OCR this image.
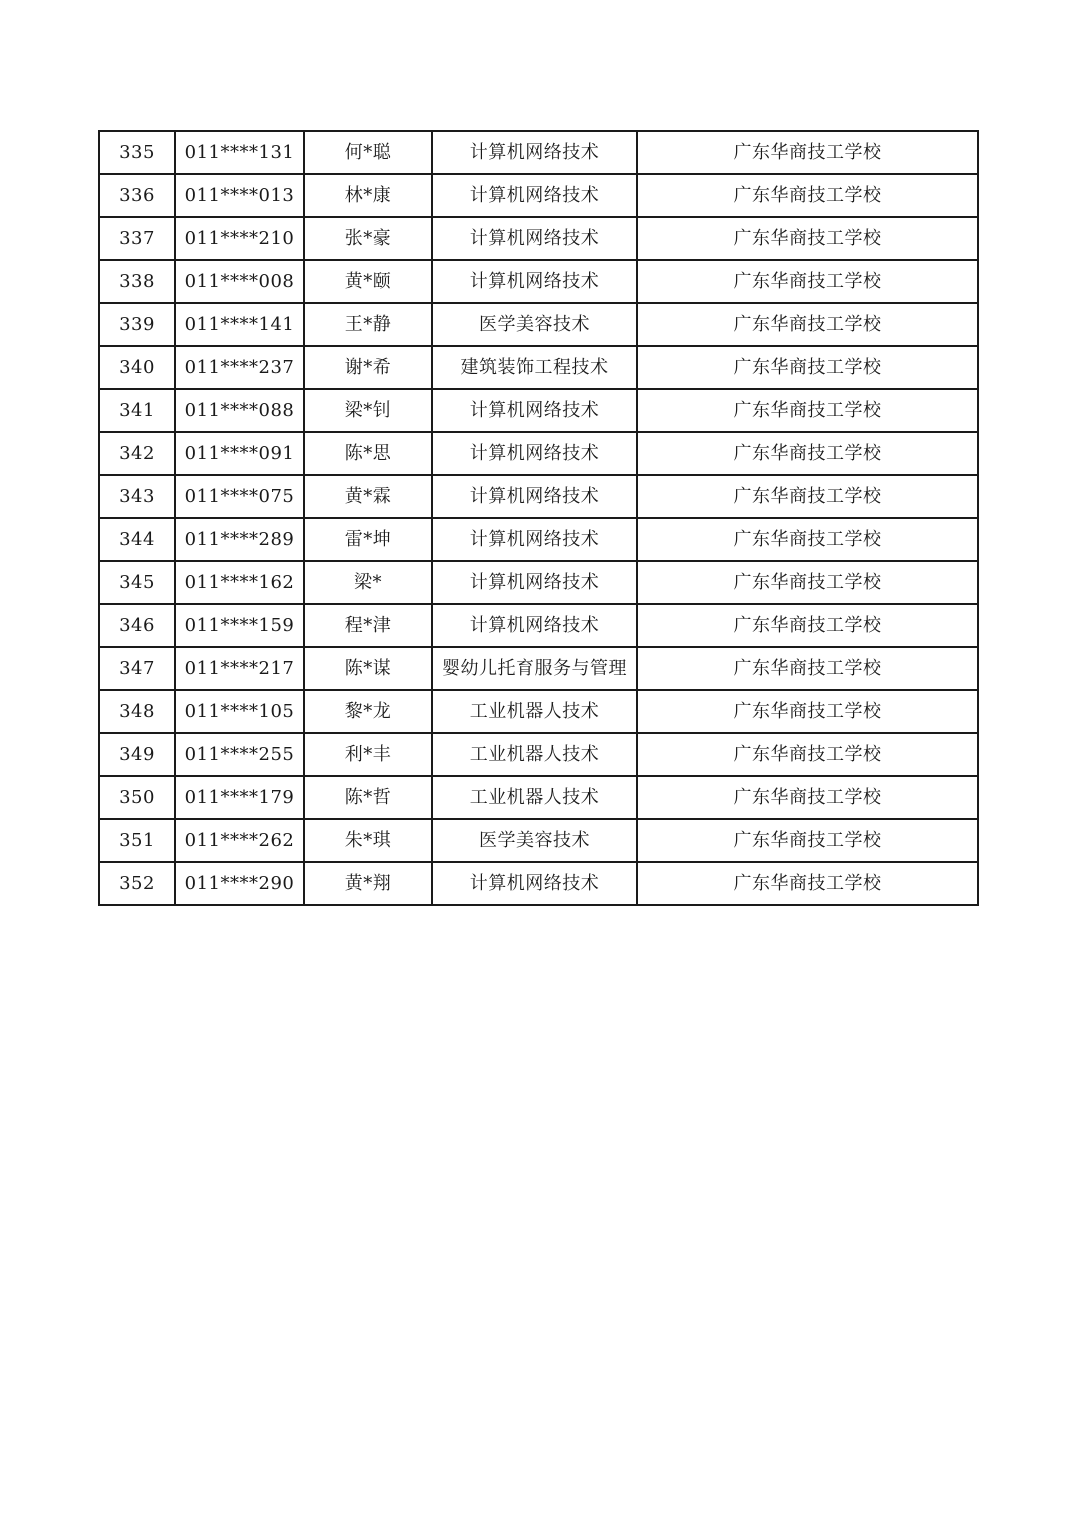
335	011****131	何*聪	计算机网络技术	广东华商技工学校
336	011****013	林*康	计算机网络技术	广东华商技工学校
337	011****210	张*豪	计算机网络技术	广东华商技工学校
338	011****008	黄*颐	计算机网络技术	广东华商技工学校
339	011****141	王*静	医学美容技术	广东华商技工学校
340	011****237	谢*希	建筑装饰工程技术	广东华商技工学校
341	011****088	梁*钊	计算机网络技术	广东华商技工学校
342	011****091	陈*思	计算机网络技术	广东华商技工学校
343	011****075	黄*霖	计算机网络技术	广东华商技工学校
344	011****289	雷*坤	计算机网络技术	广东华商技工学校
345	011****162	梁*	计算机网络技术	广东华商技工学校
346	011****159	程*津	计算机网络技术	广东华商技工学校
347	011****217	陈*谋	婴幼儿托育服务与管理	广东华商技工学校
348	011****105	黎*龙	工业机器人技术	广东华商技工学校
349	011****255	利*丰	工业机器人技术	广东华商技工学校
350	011****179	陈*哲	工业机器人技术	广东华商技工学校
351	011****262	朱*琪	医学美容技术	广东华商技工学校
352	011****290	黄*翔	计算机网络技术	广东华商技工学校
